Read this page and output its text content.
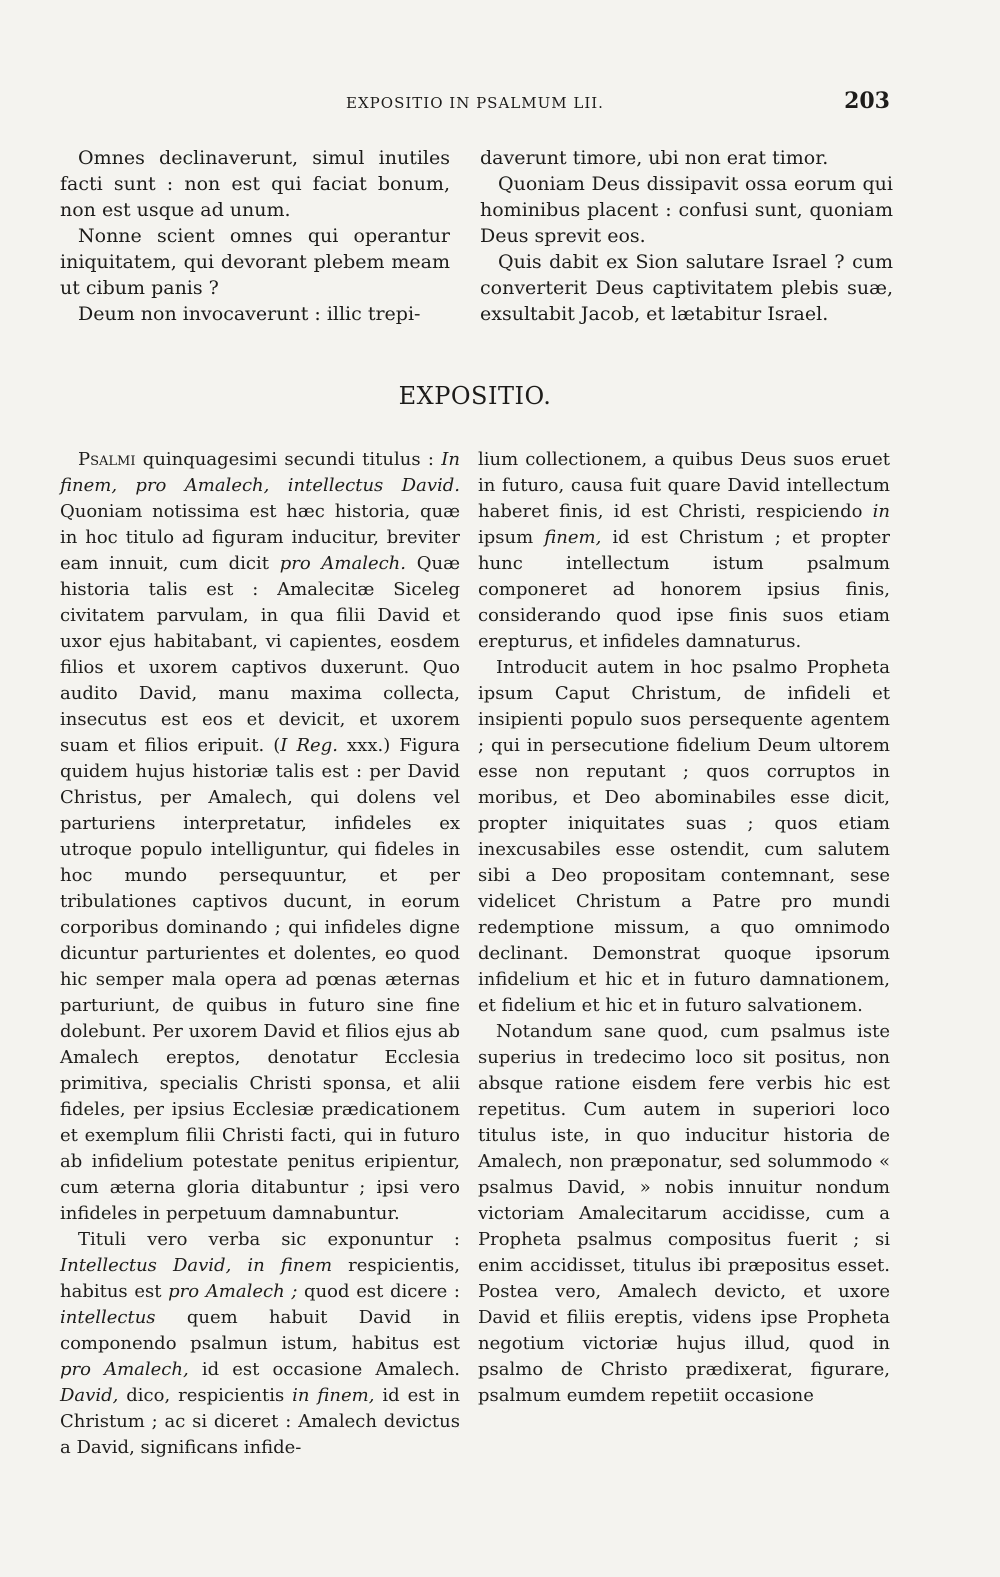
EXPOSITIO IN PSALMUM LII.	203

Omnes declinaverunt, simul inutiles facti sunt : non est qui faciat bonum, non est usque ad unum.

Nonne scient omnes qui operantur iniquitatem, qui devorant plebem meam ut cibum panis ?

Deum non invocaverunt : illic trepi-

daverunt timore, ubi non erat timor.

Quoniam Deus dissipavit ossa eorum qui hominibus placent : confusi sunt, quoniam Deus sprevit eos.

Quis dabit ex Sion salutare Israel ? cum converterit Deus captivitatem plebis suæ, exsultabit Jacob, et lætabitur Israel.

EXPOSITIO.

Psalmi quinquagesimi secundi titulus : In finem, pro Amalech, intellectus David. Quoniam notissima est hæc historia, quæ in hoc titulo ad figuram inducitur, breviter eam innuit, cum dicit pro Amalech. Quæ historia talis est : Amalecitæ Siceleg civitatem parvulam, in qua filii David et uxor ejus habitabant, vi capientes, eosdem filios et uxorem captivos duxerunt. Quo audito David, manu maxima collecta, insecutus est eos et devicit, et uxorem suam et filios eripuit. (I Reg. xxx.) Figura quidem hujus historiæ talis est : per David Christus, per Amalech, qui dolens vel parturiens interpretatur, infideles ex utroque populo intelliguntur, qui fideles in hoc mundo persequuntur, et per tribulationes captivos ducunt, in eorum corporibus dominando ; qui infideles digne dicuntur parturientes et dolentes, eo quod hic semper mala opera ad pœnas æternas parturiunt, de quibus in futuro sine fine dolebunt. Per uxorem David et filios ejus ab Amalech ereptos, denotatur Ecclesia primitiva, specialis Christi sponsa, et alii fideles, per ipsius Ecclesiæ prædicationem et exemplum filii Christi facti, qui in futuro ab infidelium potestate penitus eripientur, cum æterna gloria ditabuntur ; ipsi vero infideles in perpetuum damnabuntur.

Tituli vero verba sic exponuntur : Intellectus David, in finem respicientis, habitus est pro Amalech ; quod est dicere : intellectus quem habuit David in componendo psalmun istum, habitus est pro Amalech, id est occasione Amalech. David, dico, respicientis in finem, id est in Christum ; ac si diceret : Amalech devictus a David, significans infide-

lium collectionem, a quibus Deus suos eruet in futuro, causa fuit quare David intellectum haberet finis, id est Christi, respiciendo in ipsum finem, id est Christum ; et propter hunc intellectum istum psalmum componeret ad honorem ipsius finis, considerando quod ipse finis suos etiam erepturus, et infideles damnaturus.

Introducit autem in hoc psalmo Propheta ipsum Caput Christum, de infideli et insipienti populo suos persequente agentem ; qui in persecutione fidelium Deum ultorem esse non reputant ; quos corruptos in moribus, et Deo abominabiles esse dicit, propter iniquitates suas ; quos etiam inexcusabiles esse ostendit, cum salutem sibi a Deo propositam contemnant, sese videlicet Christum a Patre pro mundi redemptione missum, a quo omnimodo declinant. Demonstrat quoque ipsorum infidelium et hic et in futuro damnationem, et fidelium et hic et in futuro salvationem.

Notandum sane quod, cum psalmus iste superius in tredecimo loco sit positus, non absque ratione eisdem fere verbis hic est repetitus. Cum autem in superiori loco titulus iste, in quo inducitur historia de Amalech, non præponatur, sed solummodo « psalmus David, » nobis innuitur nondum victoriam Amalecitarum accidisse, cum a Propheta psalmus compositus fuerit ; si enim accidisset, titulus ibi præpositus esset. Postea vero, Amalech devicto, et uxore David et filiis ereptis, videns ipse Propheta negotium victoriæ hujus illud, quod in psalmo de Christo prædixerat, figurare, psalmum eumdem repetiit occasione
